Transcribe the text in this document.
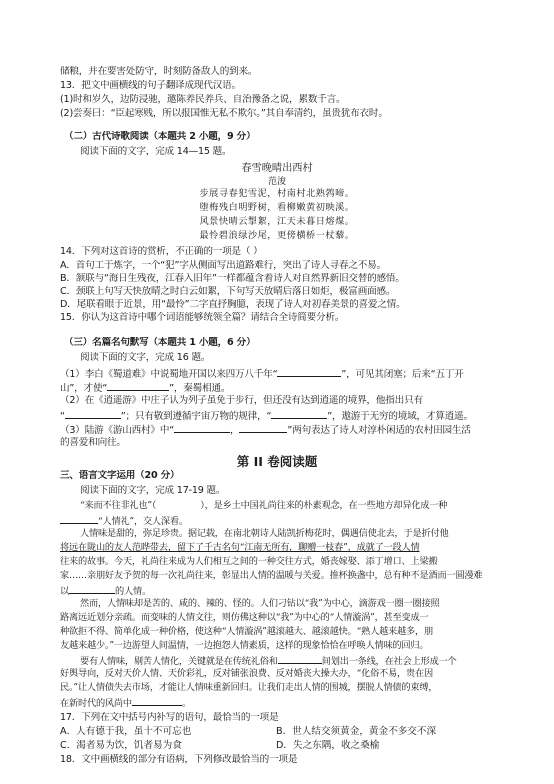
储粮，并在要害处防守，时刻防备敌人的到来。
13．把文中画横线的句子翻译成现代汉语。
(1)时和岁久，边防浸驰，邀陈养民养兵、自治豫备之说，累数千言。
(2)尝奏曰：“臣起寒贱，所以报国惟无私不欺尔。”其自奉清约，虽贵犹布衣时。
（二）古代诗歌阅读（本题共 2 小题，9 分）
阅读下面的文字，完成 14—15 题。
春雪晚晴出西村
范浚
步展寻春犯雪泥，村南村北熟鹁啼。
堕梅残白明野树，看柳嫩黄初映溪。
风景快晴云掣絮，江天未暮日熔煤。
最怜碧浪绿沙尾，更傍横桥一杖藜。
14．下列对这首诗的赏析，不正确的一项是（ ）
A．首句工于炼字，一个“犯”字从侧面写出道路难行，突出了诗人寻春之不易。
B．颔联与“海日生残夜，江春入旧年”一样都蕴含着诗人对自然界新旧交替的感悟。
C．颈联上句写天快放晴之时白云如絮，下句写天放晴后落日如炬，极富画面感。
D．尾联看眼于近景，用“最怜”二字直抒胸臆，表现了诗人对初春美景的喜爱之情。
15．你认为这首诗中哪个词语能够统领全篇？请结合全诗简要分析。
（三）名篇名句默写（本题共 1 小题，6 分）
阅读下面的文字，完成 16 题。
（1）李白《蜀道难》中说蜀地开国以来四万八千年“	”，可见其闭塞；后来“五丁开
山”，才使“	”，秦蜀相通。
（2）在《逍遥游》中庄子认为列子虽免于步行，但还没有达到逍遥的境界，他指出只有
“	”；只有敬到遵循宇宙万物的规律，“	”，遨游于无穷的境域，才算逍遥。
（3）陆游《游山西村》中“	，	”两句表达了诗人对淳朴闲适的农村田园生活
的喜爱和向往。
第 II 卷阅读题
三、语言文字运用（20 分）
阅读下面的文字，完成 17-19 题。
“来而不往非礼也”（	），是乡土中国礼尚往来的朴素观念，在一些地方却异化成一种
“人情礼”，交人深看。
人情味是甜的，弥足珍贵。据记载，在南北朝诗人陆凯折梅花时，偶遇信使北去，于是折付他
将远在陇山的友人范晔带去，留下了千古名句“江南无所有，聊赠一枝春”，成就了一段人情
往来的故事。今天，礼尚往来成为人们相互之间的一种交往方式，婚丧嫁娶、添丁增口、上梁搬
家……亲朋好友予贺的每一次礼尚往来，彰显出人情的温暖与关爱。推杯换盏中，总有种不是酒而一圆漫难
以	的人情。
然而，人情味却是苦的、咸的、辣的、怪的。人们刁钻以“我”为中心，滴游戏一圈一圈接照
路离远近划分亲疏。而变味的人情文往，则仿佛这种以“我”为中心的“人情漩涡”，甚至变成一
种欲拒不得、简单化成一种价格，使这种“人情漩涡”越滚越大、越滚越快。“熟人越来越多，朋
友越来越少。”一边游望人间温情，一边抱怨人情素质，这样的现象恰恰在呼唤人情味的回归。
要有人情味，剔苦人情化，关键就是在传统礼俗和	间划出一条线，在社会上形成一个
好舆导向，反对天价人情、天价彩礼，反对铺张浪费、反对婚丧大操大办，“化俗不易，贵在因
民。”让人情债失去市场，才能让人情味重新回归。让我们走出人情的围城，摆脱人情债的束缚，
在新时代的风尚中	。
17．下列在文中括号内补写的语句，最恰当的一项是
A．人有德于我，虽十不可忘也	B．世人结交须黄金，黄金不多交不深
C．渴者易为饮，饥者易为食	D．失之东隅，收之桑榆
18．文中画横线的部分有语病，下列修改最恰当的一项是
